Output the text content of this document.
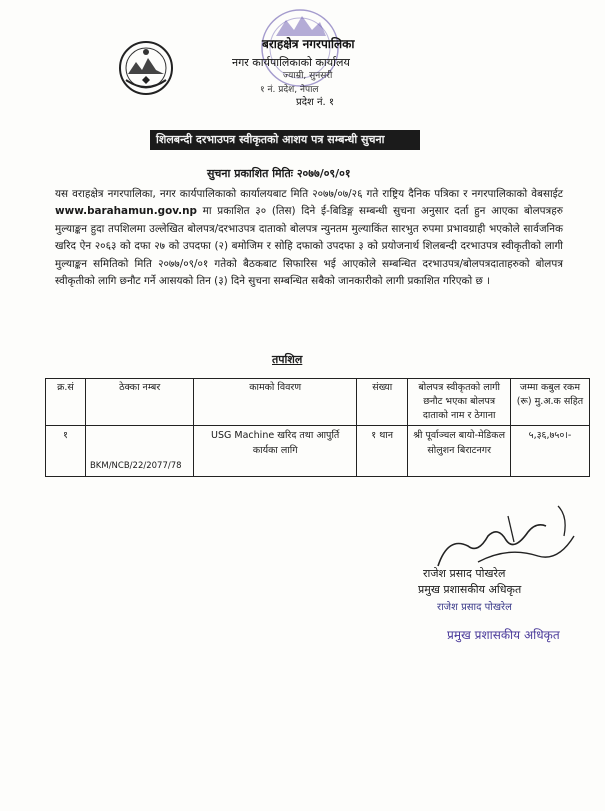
बराहक्षेत्र नगरपालिका
नगर कार्यपालिकाको कार्यालय
ज्याम्री, सुनसरी
१ नं. प्रदेश, नेपाल
प्रदेश नं. १
शिलबन्दी दरभाउपत्र स्वीकृतको आशय पत्र सम्बन्धी सुचना
सुचना प्रकाशित मितिः २०७७/०९/०१
यस वराहक्षेत्र नगरपालिका, नगर कार्यपालिकाको कार्यालयबाट मिति २०७७/०७/२६ गते राष्ट्रिय दैनिक पत्रिका र नगरपालिकाको वेबसाईट www.barahamun.gov.np मा प्रकाशित ३० (तिस) दिने ई-बिडिङ्ग सम्बन्धी सुचना अनुसार दर्ता हुन आएका बोलपत्रहरु मुल्याङ्कन हुदा तपशिलमा उल्लेखित बोलपत्र/दरभाउपत्र दाताको बोलपत्र न्युनतम मुल्याकिंत सारभुत रुपमा प्रभावग्राही भएकोले सार्वजनिक खरिद ऐन २०६३ को दफा २७ को उपदफा (२) बमोजिम र सोहि दफाको उपदफा ३ को प्रयोजनार्थ शिलबन्दी दरभाउपत्र स्वीकृतीको लागी मुल्याङ्कन समितिको मिति २०७७/०९/०१ गतेको बैठकबाट सिफारिस भई आएकोले सम्बन्धित दरभाउपत्र/बोलपत्रदाताहरुको बोलपत्र स्वीकृतीको लागि छनौट गर्ने आसयको तिन (३) दिने सुचना सम्बन्धित सबैको जानकारीको लागी प्रकाशित गरिएको छ ।
तपशिल
क्र.सं	ठेक्का नम्बर	कामको विवरण	संख्या	बोलपत्र स्वीकृतको लागी छनौट भएका बोलपत्र दाताको नाम र ठेगाना	जम्मा कबुल रकम (रू) मु.अ.क सहित
१	BKM/NCB/22/2077/78	USG Machine खरिद तथा आपुर्ति कार्यका लागि	१ थान	श्री पूर्वाञ्चल बायो-मेडिकल सोलुशन बिराटनगर	५,३६,७५०।-
राजेश प्रसाद पोखरेल
प्रमुख प्रशासकीय अधिकृत
राजेश प्रसाद पोखरेल
प्रमुख प्रशासकीय अधिकृत
